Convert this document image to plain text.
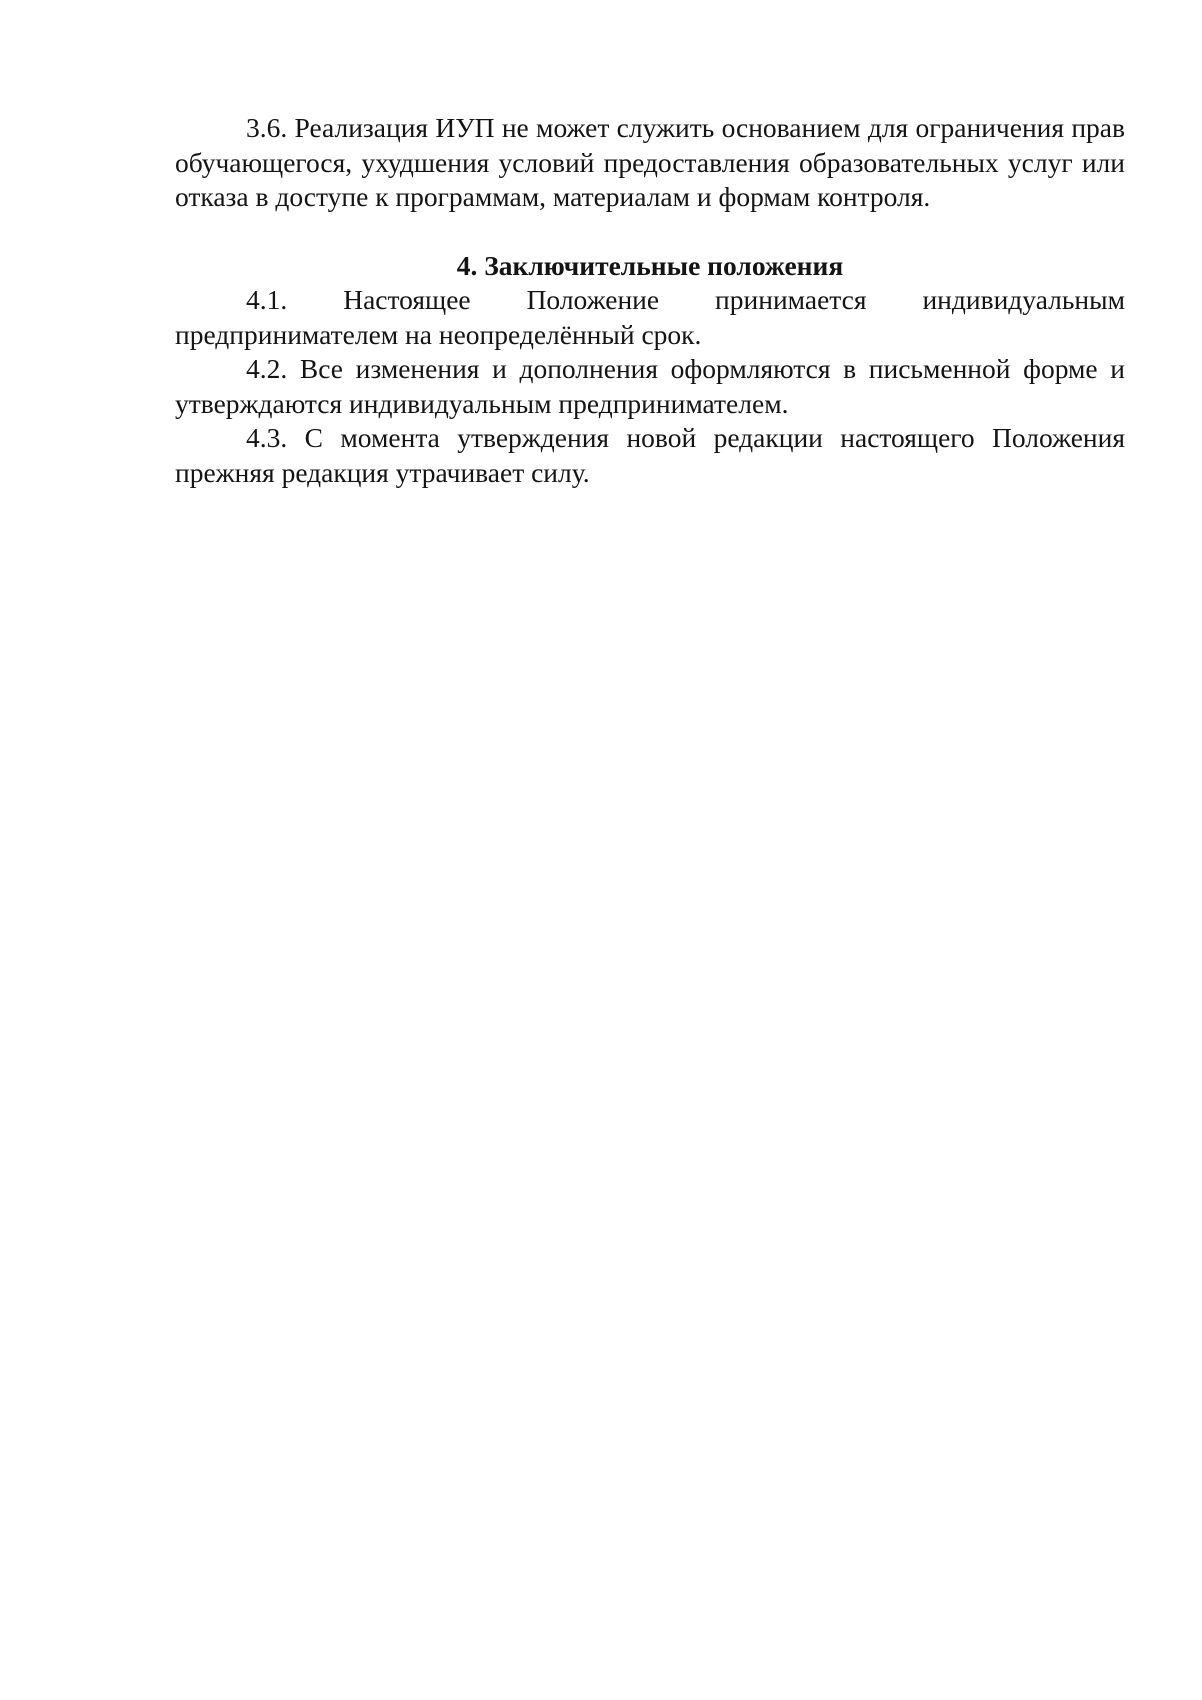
3.6. Реализация ИУП не может служить основанием для ограничения прав обучающегося, ухудшения условий предоставления образовательных услуг или отказа в доступе к программам, материалам и формам контроля.

4. Заключительные положения

4.1. Настоящее Положение принимается индивидуальным предпринимателем на неопределённый срок.

4.2. Все изменения и дополнения оформляются в письменной форме и утверждаются индивидуальным предпринимателем.

4.3. С момента утверждения новой редакции настоящего Положения прежняя редакция утрачивает силу.
